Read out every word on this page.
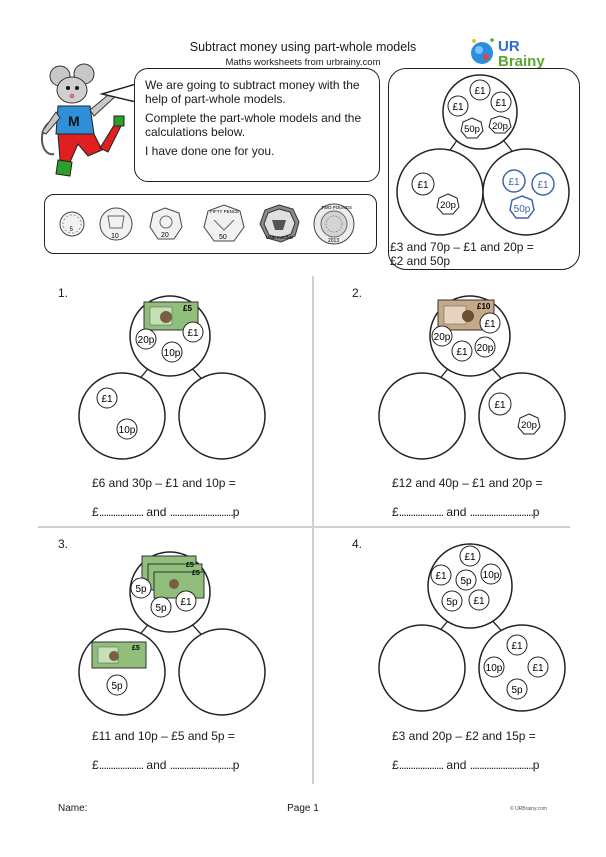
Subtract money using part-whole models
Maths worksheets from urbrainy.com
UR
Brainy
M

We are going to subtract money with the help of part-whole models.

Complete the part-whole models and the calculations below.

I have done one for you.

5
10	20
FIFTY PENCE
50	ONE POUND
TWO POUNDS
2013
£1
£1	£1
50p 20p
£1
20p
£1 £1
50p
£3 and 70p – £1 and 20p =
£2 and 50p
1.
£5
£1
20p
10p
£1
10p
£6 and 30p – £1 and 10p =
£................... and ...........................p
2.
£10
£1
20p
£1 20p
£1
20p
£12 and 40p – £1 and 20p =
£................... and ...........................p
3.
£5
£5
5p
5p
£1
£5
5p
£11 and 10p – £5 and 5p =
£................... and ...........................p
4.
£1
£1 5p
10p
5p £1
£1
10p	£1
5p
£3 and 20p – £2 and 15p =
£................... and ...........................p
Name:	Page 1	© URBrainy.com
